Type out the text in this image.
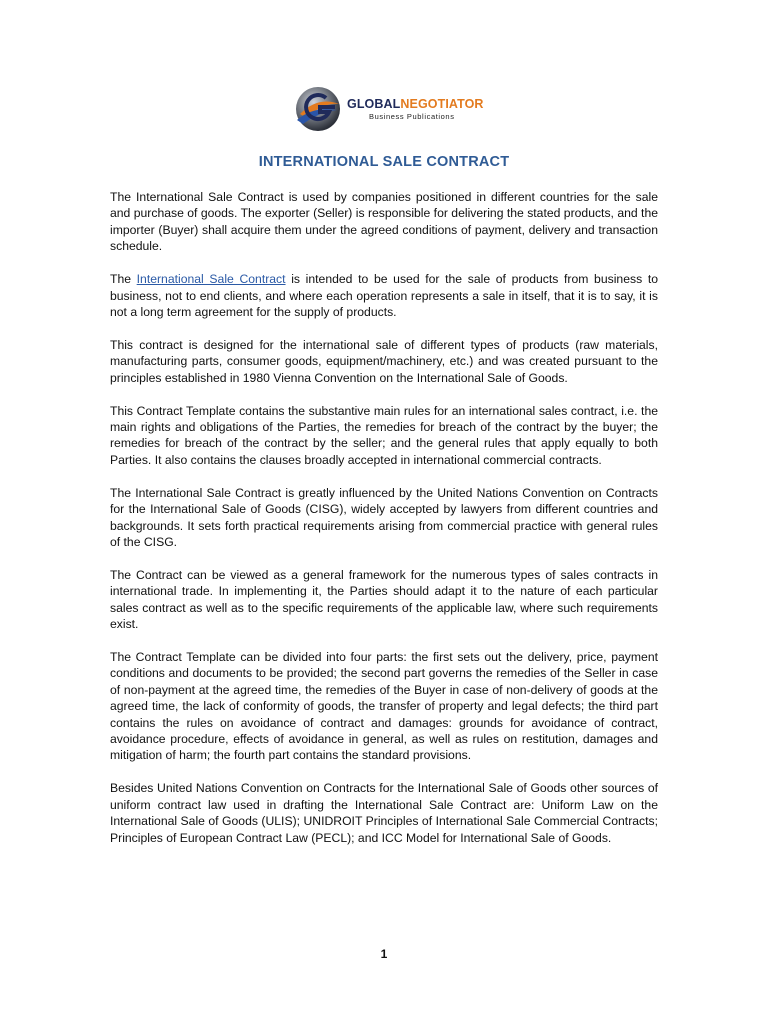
GLOBALNEGOTIATOR
Business Publications
INTERNATIONAL SALE CONTRACT

The International Sale Contract is used by companies positioned in different countries for the sale and purchase of goods. The exporter (Seller) is responsible for delivering the stated products, and the importer (Buyer) shall acquire them under the agreed conditions of payment, delivery and transaction schedule.

The International Sale Contract is intended to be used for the sale of products from business to business, not to end clients, and where each operation represents a sale in itself, that it is to say, it is not a long term agreement for the supply of products.

This contract is designed for the international sale of different types of products (raw materials, manufacturing parts, consumer goods, equipment/machinery, etc.) and was created pursuant to the principles established in 1980 Vienna Convention on the International Sale of Goods.

This Contract Template contains the substantive main rules for an international sales contract, i.e. the main rights and obligations of the Parties, the remedies for breach of the contract by the buyer; the remedies for breach of the contract by the seller; and the general rules that apply equally to both Parties. It also contains the clauses broadly accepted in international commercial contracts.

The International Sale Contract is greatly influenced by the United Nations Convention on Contracts for the International Sale of Goods (CISG), widely accepted by lawyers from different countries and backgrounds. It sets forth practical requirements arising from commercial practice with general rules of the CISG.

The Contract can be viewed as a general framework for the numerous types of sales contracts in international trade. In implementing it, the Parties should adapt it to the nature of each particular sales contract as well as to the specific requirements of the applicable law, where such requirements exist.

The Contract Template can be divided into four parts: the first sets out the delivery, price, payment conditions and documents to be provided; the second part governs the remedies of the Seller in case of non-payment at the agreed time, the remedies of the Buyer in case of non-delivery of goods at the agreed time, the lack of conformity of goods, the transfer of property and legal defects; the third part contains the rules on avoidance of contract and damages: grounds for avoidance of contract, avoidance procedure, effects of avoidance in general, as well as rules on restitution, damages and mitigation of harm; the fourth part contains the standard provisions.

Besides United Nations Convention on Contracts for the International Sale of Goods other sources of uniform contract law used in drafting the International Sale Contract are: Uniform Law on the International Sale of Goods (ULIS); UNIDROIT Principles of International Sale Commercial Contracts; Principles of European Contract Law (PECL); and ICC Model for International Sale of Goods.

1
